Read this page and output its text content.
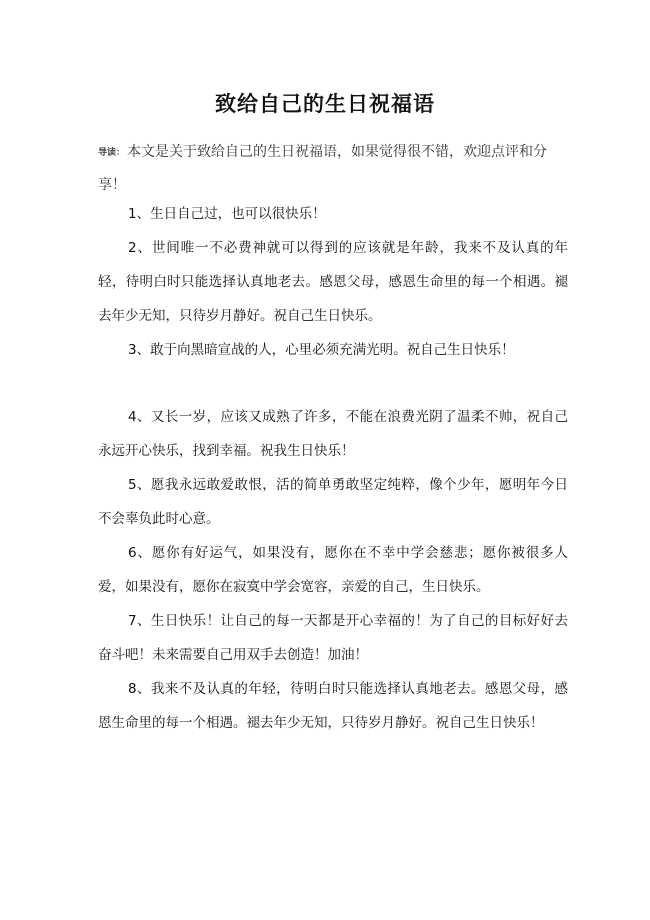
致给自己的生日祝福语
导读： 本文是关于致给自己的生日祝福语，如果觉得很不错，欢迎点评和分享！

1、生日自己过，也可以很快乐！

2、世间唯一不必费神就可以得到的应该就是年龄，我来不及认真的年轻，待明白时只能选择认真地老去。感恩父母，感恩生命里的每一个相遇。褪去年少无知，只待岁月静好。祝自己生日快乐。

3、敢于向黑暗宣战的人，心里必须充满光明。祝自己生日快乐！

4、又长一岁，应该又成熟了许多，不能在浪费光阴了温柔不帅，祝自己永远开心快乐，找到幸福。祝我生日快乐！

5、愿我永远敢爱敢恨，活的简单勇敢坚定纯粹，像个少年，愿明年今日不会辜负此时心意。

6、愿你有好运气，如果没有，愿你在不幸中学会慈悲；愿你被很多人爱，如果没有，愿你在寂寞中学会宽容，亲爱的自己，生日快乐。

7、生日快乐！让自己的每一天都是开心幸福的！为了自己的目标好好去奋斗吧！未来需要自己用双手去创造！加油！

8、我来不及认真的年轻，待明白时只能选择认真地老去。感恩父母，感恩生命里的每一个相遇。褪去年少无知，只待岁月静好。祝自己生日快乐！
